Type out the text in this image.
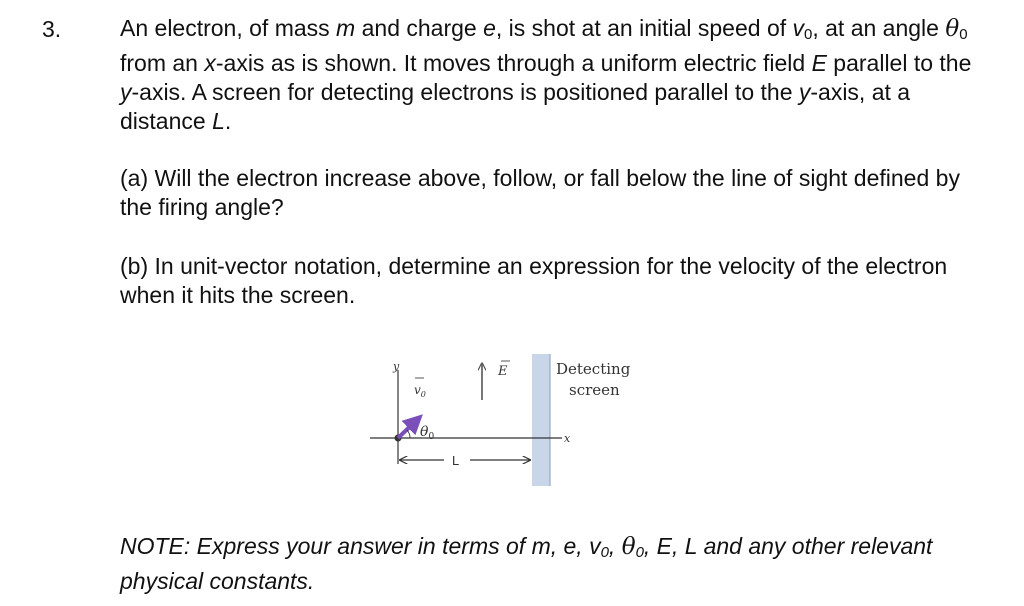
3.	An electron, of mass m and charge e, is shot at an initial speed of $v_0$, at an angle $\theta_0$ from an x-axis as is shown. It moves through a uniform electric field E parallel to the y-axis. A screen for detecting electrons is positioned parallel to the y-axis, at a distance L.

(a) Will the electron increase above, follow, or fall below the line of sight defined by the firing angle?

(b) In unit-vector notation, determine an expression for the velocity of the electron when it hits the screen.

y
$v_0$
E
$\theta_0$
L
x
Detecting
screen

NOTE: Express your answer in terms of m, e, v0, θ0, E, L and any other relevant physical constants.
